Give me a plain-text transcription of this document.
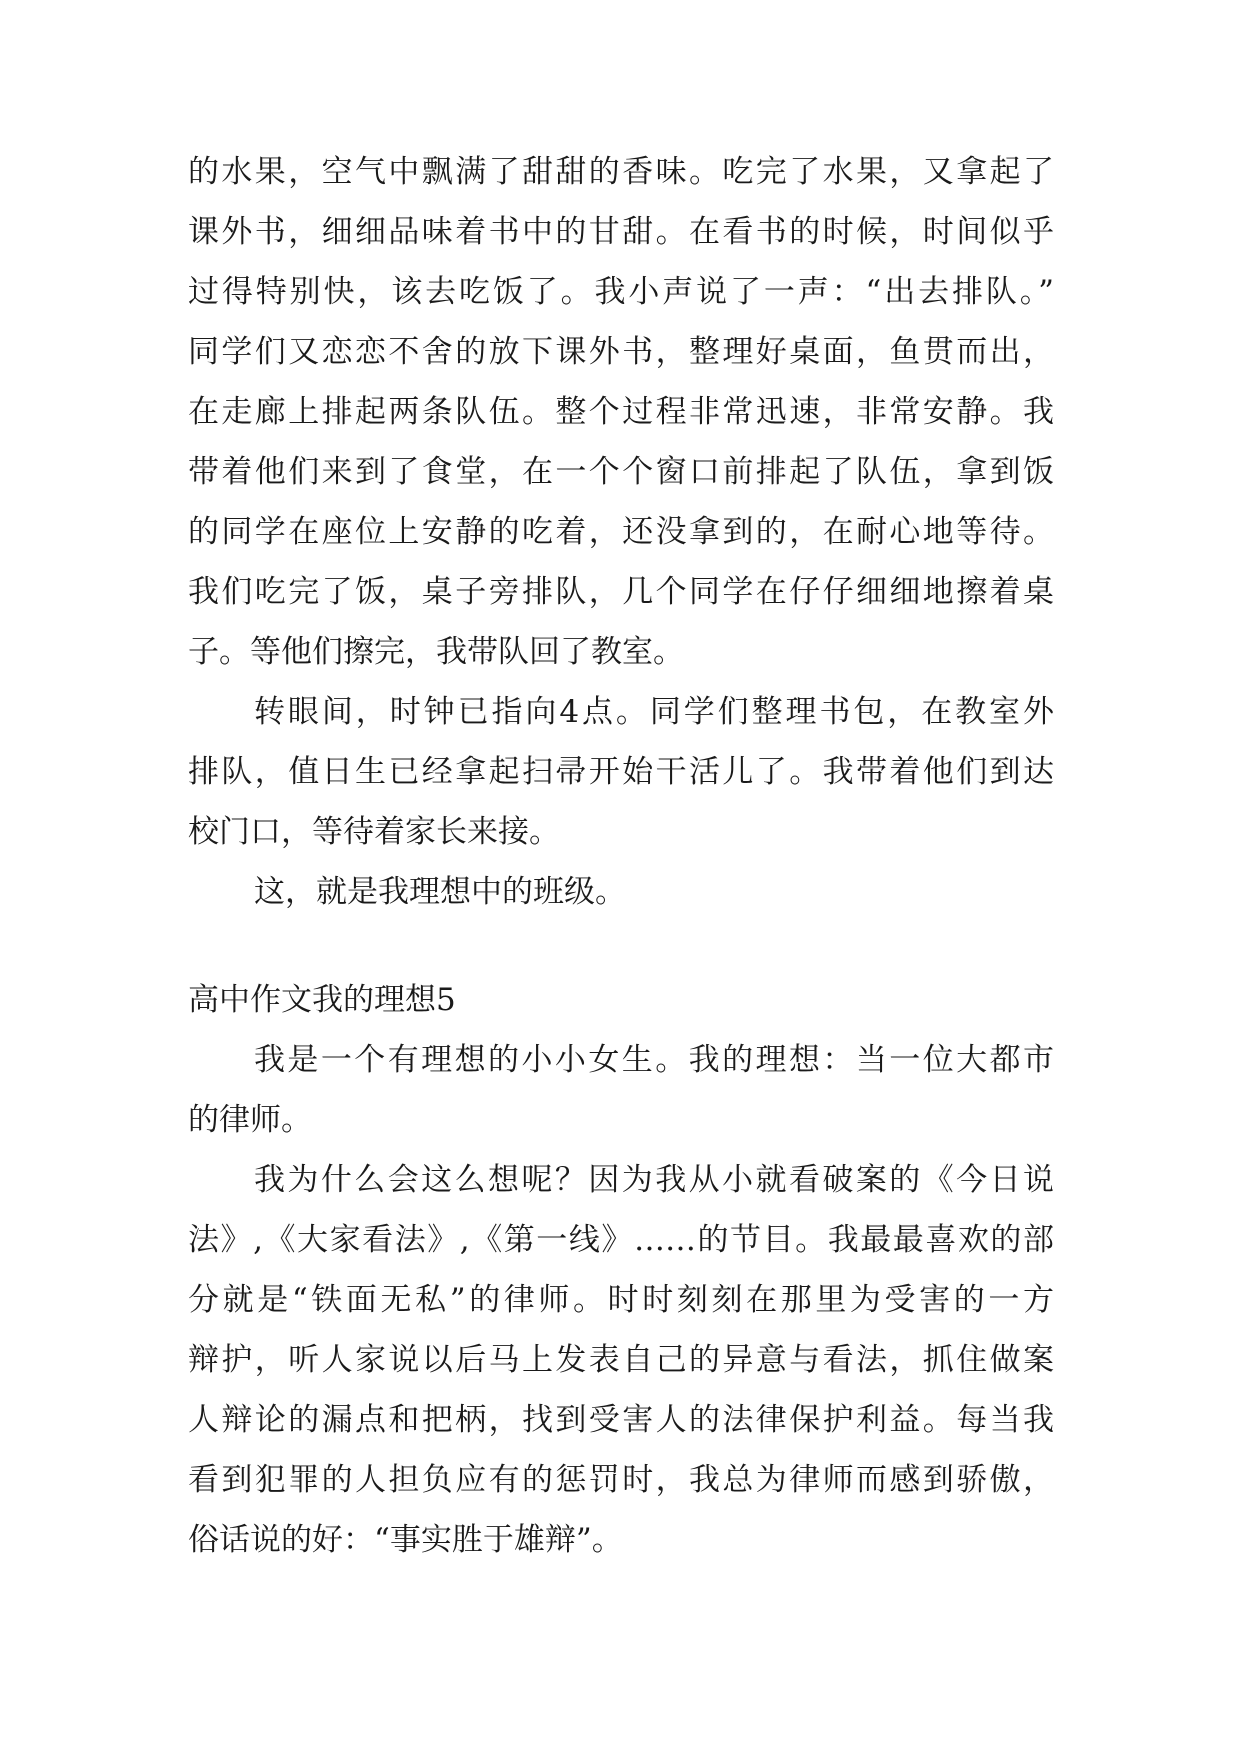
的水果，空气中飘满了甜甜的香味。吃完了水果，又拿起了
课外书，细细品味着书中的甘甜。在看书的时候，时间似乎
过得特别快，该去吃饭了。我小声说了一声：“出去排队。”
同学们又恋恋不舍的放下课外书，整理好桌面，鱼贯而出，
在走廊上排起两条队伍。整个过程非常迅速，非常安静。我
带着他们来到了食堂，在一个个窗口前排起了队伍，拿到饭
的同学在座位上安静的吃着，还没拿到的，在耐心地等待。
我们吃完了饭，桌子旁排队，几个同学在仔仔细细地擦着桌
子。等他们擦完，我带队回了教室。
转眼间，时钟已指向4点。同学们整理书包，在教室外
排队，值日生已经拿起扫帚开始干活儿了。我带着他们到达
校门口，等待着家长来接。
这，就是我理想中的班级。
高中作文我的理想5
我是一个有理想的小小女生。我的理想：当一位大都市
的律师。
我为什么会这么想呢？因为我从小就看破案的《今日说
法》,《大家看法》,《第一线》……的节目。我最最喜欢的部
分就是“铁面无私”的律师。时时刻刻在那里为受害的一方
辩护，听人家说以后马上发表自己的异意与看法，抓住做案
人辩论的漏点和把柄，找到受害人的法律保护利益。每当我
看到犯罪的人担负应有的惩罚时，我总为律师而感到骄傲，
俗话说的好：“事实胜于雄辩”。
